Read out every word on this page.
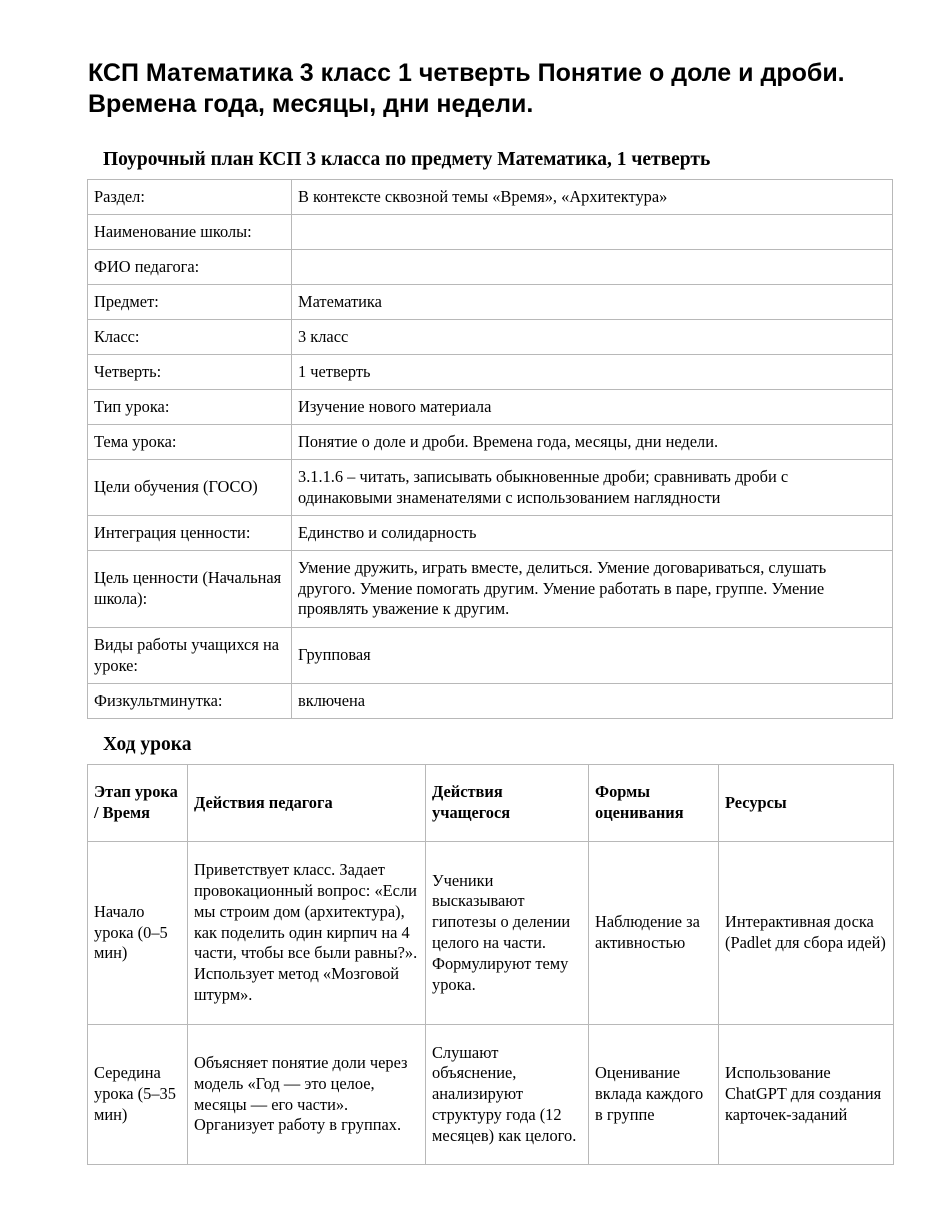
КСП Математика 3 класс 1 четверть Понятие о доле и дроби. Времена года, месяцы, дни недели.
Поурочный план КСП 3 класса по предмету Математика, 1 четверть
Раздел:	В контексте сквозной темы «Время», «Архитектура»
Наименование школы:	
ФИО педагога:	
Предмет:	Математика
Класс:	3 класс
Четверть:	1 четверть
Тип урока:	Изучение нового материала
Тема урока:	Понятие о доле и дроби. Времена года, месяцы, дни недели.
Цели обучения (ГОСО)	3.1.1.6 – читать, записывать обыкновенные дроби; сравнивать дроби с одинаковыми знаменателями с использованием наглядности
Интеграция ценности:	Единство и солидарность
Цель ценности (Начальная школа):	Умение дружить, играть вместе, делиться. Умение договариваться, слушать другого. Умение помогать другим. Умение работать в паре, группе. Умение проявлять уважение к другим.
Виды работы учащихся на уроке:	Групповая
Физкультминутка:	включена
Ход урока
Этап урока / Время	Действия педагога	Действия учащегося	Формы оценивания	Ресурсы
Начало урока (0–5 мин)	Приветствует класс. Задает провокационный вопрос: «Если мы строим дом (архитектура), как поделить один кирпич на 4 части, чтобы все были равны?». Использует метод «Мозговой штурм».	Ученики высказывают гипотезы о делении целого на части. Формулируют тему урока.	Наблюдение за активностью	Интерактивная доска (Padlet для сбора идей)
Середина урока (5–35 мин)	Объясняет понятие доли через модель «Год — это целое, месяцы — его части». Организует работу в группах.	Слушают объяснение, анализируют структуру года (12 месяцев) как целого.	Оценивание вклада каждого в группе	Использование ChatGPT для создания карточек-заданий
